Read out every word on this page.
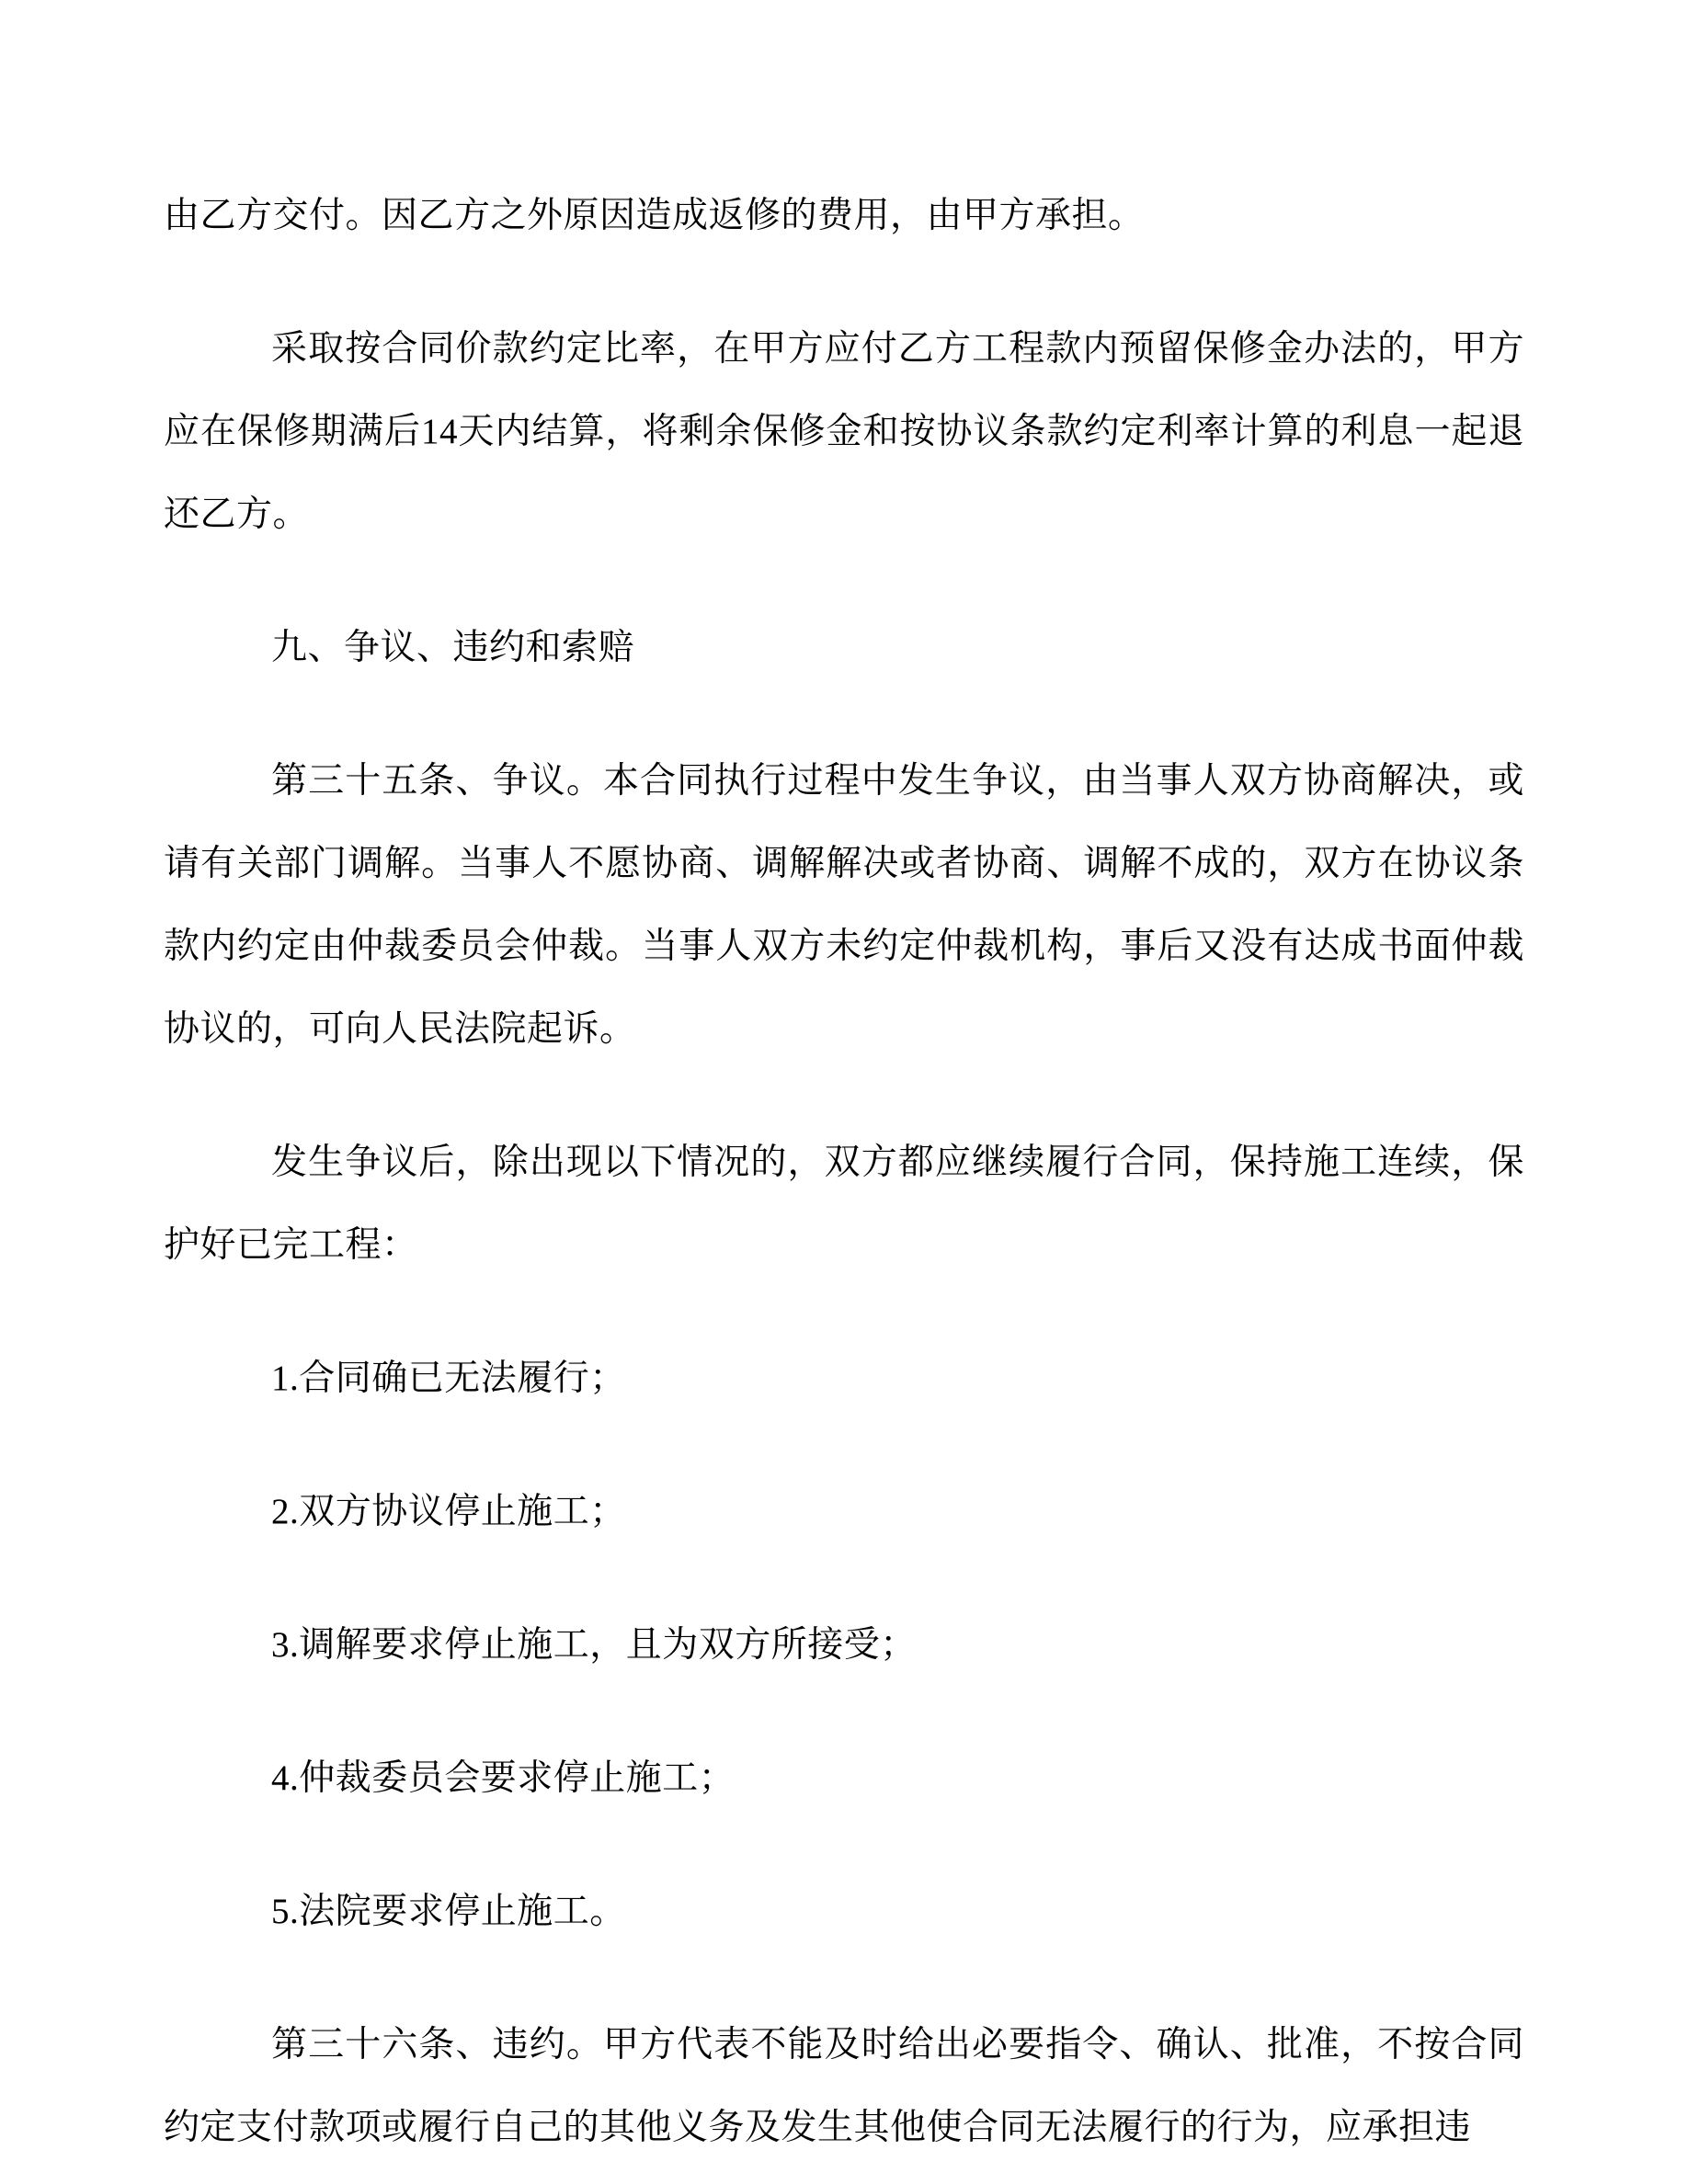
由乙方交付。因乙方之外原因造成返修的费用，由甲方承担。

采取按合同价款约定比率，在甲方应付乙方工程款内预留保修金办法的，甲方应在保修期满后14天内结算，将剩余保修金和按协议条款约定利率计算的利息一起退还乙方。

九、争议、违约和索赔

第三十五条、争议。本合同执行过程中发生争议，由当事人双方协商解决，或请有关部门调解。当事人不愿协商、调解解决或者协商、调解不成的，双方在协议条款内约定由仲裁委员会仲裁。当事人双方未约定仲裁机构，事后又没有达成书面仲裁协议的，可向人民法院起诉。

发生争议后，除出现以下情况的，双方都应继续履行合同，保持施工连续，保护好已完工程：

1.合同确已无法履行；

2.双方协议停止施工；

3.调解要求停止施工，且为双方所接受；

4.仲裁委员会要求停止施工；

5.法院要求停止施工。

第三十六条、违约。甲方代表不能及时给出必要指令、确认、批准，不按合同约定支付款项或履行自己的其他义务及发生其他使合同无法履行的行为，应承担违
